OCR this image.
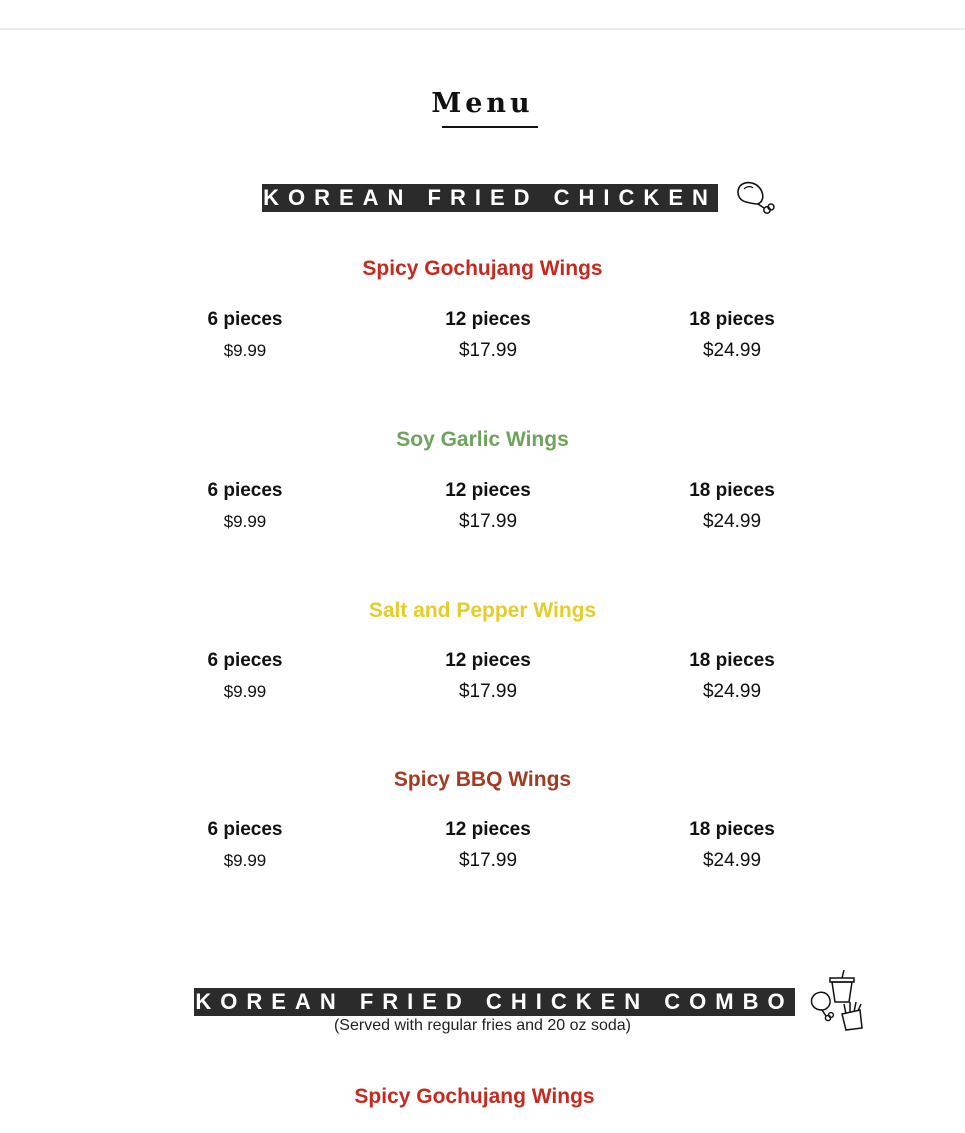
Menu
KOREAN FRIED CHICKEN
Spicy Gochujang Wings
6 pieces
$9.99
12 pieces
$17.99
18 pieces
$24.99
Soy Garlic Wings
6 pieces
$9.99
12 pieces
$17.99
18 pieces
$24.99
Salt and Pepper Wings
6 pieces
$9.99
12 pieces
$17.99
18 pieces
$24.99
Spicy BBQ Wings
6 pieces
$9.99
12 pieces
$17.99
18 pieces
$24.99
KOREAN FRIED CHICKEN COMBO
(Served with regular fries and 20 oz soda)
Spicy Gochujang Wings
